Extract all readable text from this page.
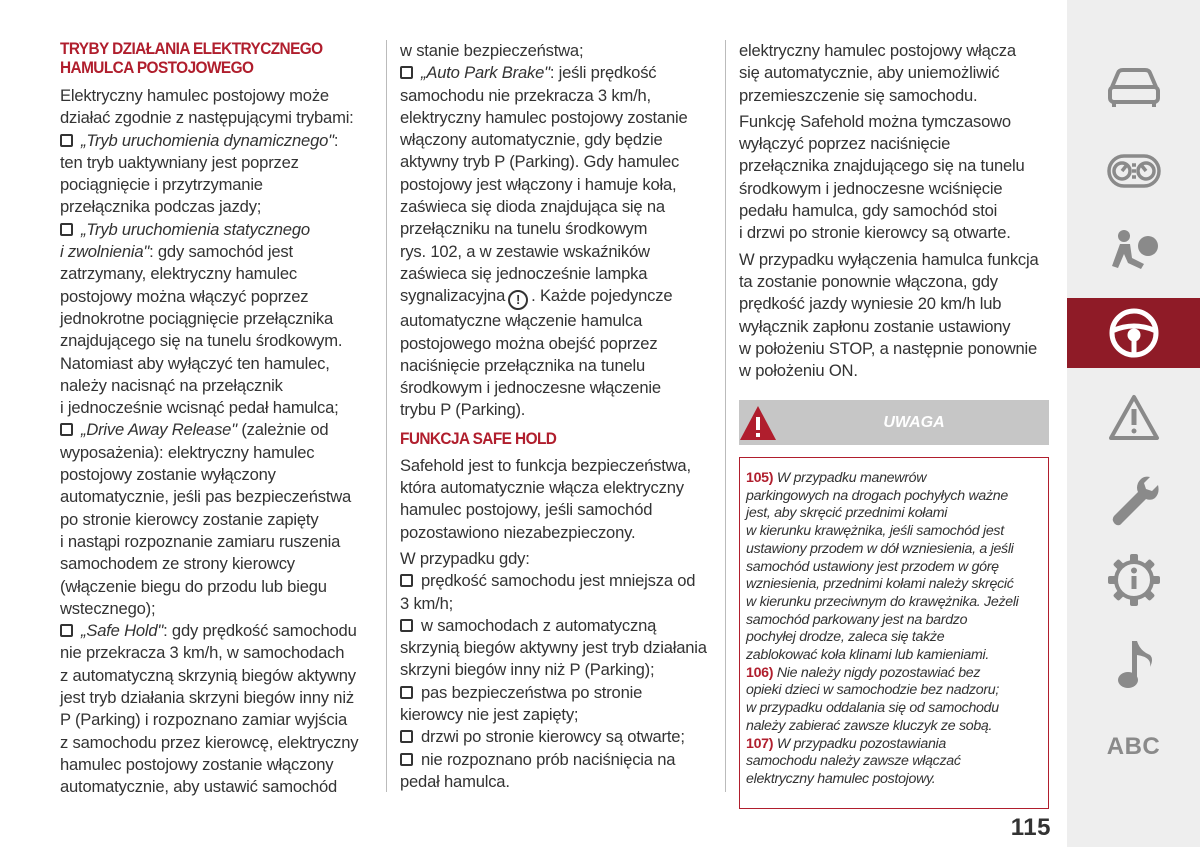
TRYBY DZIAŁANIA ELEKTRYCZNEGO
HAMULCA POSTOJOWEGO
Elektryczny hamulec postojowy może
działać zgodnie z następującymi trybami:
„Tryb uruchomienia dynamicznego":
ten tryb uaktywniany jest poprzez
pociągnięcie i przytrzymanie
przełącznika podczas jazdy;
„Tryb uruchomienia statycznego
i zwolnienia": gdy samochód jest
zatrzymany, elektryczny hamulec
postojowy można włączyć poprzez
jednokrotne pociągnięcie przełącznika
znajdującego się na tunelu środkowym.
Natomiast aby wyłączyć ten hamulec,
należy nacisnąć na przełącznik
i jednocześnie wcisnąć pedał hamulca;
„Drive Away Release" (zależnie od
wyposażenia): elektryczny hamulec
postojowy zostanie wyłączony
automatycznie, jeśli pas bezpieczeństwa
po stronie kierowcy zostanie zapięty
i nastąpi rozpoznanie zamiaru ruszenia
samochodem ze strony kierowcy
(włączenie biegu do przodu lub biegu
wstecznego);
„Safe Hold": gdy prędkość samochodu
nie przekracza 3 km/h, w samochodach
z automatyczną skrzynią biegów aktywny
jest tryb działania skrzyni biegów inny niż
P (Parking) i rozpoznano zamiar wyjścia
z samochodu przez kierowcę, elektryczny
hamulec postojowy zostanie włączony
automatycznie, aby ustawić samochód
w stanie bezpieczeństwa;
„Auto Park Brake": jeśli prędkość
samochodu nie przekracza 3 km/h,
elektryczny hamulec postojowy zostanie
włączony automatycznie, gdy będzie
aktywny tryb P (Parking). Gdy hamulec
postojowy jest włączony i hamuje koła,
zaświeca się dioda znajdująca się na
przełączniku na tunelu środkowym
rys. 102, a w zestawie wskaźników
zaświeca się jednocześnie lampka
sygnalizacyjna ! . Każde pojedyncze
automatyczne włączenie hamulca
postojowego można obejść poprzez
naciśnięcie przełącznika na tunelu
środkowym i jednoczesne włączenie
trybu P (Parking).
FUNKCJA SAFE HOLD
Safehold jest to funkcja bezpieczeństwa,
która automatycznie włącza elektryczny
hamulec postojowy, jeśli samochód
pozostawiono niezabezpieczony.
W przypadku gdy:
prędkość samochodu jest mniejsza od
3 km/h;
w samochodach z automatyczną
skrzynią biegów aktywny jest tryb działania
skrzyni biegów inny niż P (Parking);
pas bezpieczeństwa po stronie
kierowcy nie jest zapięty;
drzwi po stronie kierowcy są otwarte;
nie rozpoznano prób naciśnięcia na
pedał hamulca.
elektryczny hamulec postojowy włącza
się automatycznie, aby uniemożliwić
przemieszczenie się samochodu.
Funkcję Safehold można tymczasowo
wyłączyć poprzez naciśnięcie
przełącznika znajdującego się na tunelu
środkowym i jednoczesne wciśnięcie
pedału hamulca, gdy samochód stoi
i drzwi po stronie kierowcy są otwarte.
W przypadku wyłączenia hamulca funkcja
ta zostanie ponownie włączona, gdy
prędkość jazdy wyniesie 20 km/h lub
wyłącznik zapłonu zostanie ustawiony
w położeniu STOP, a następnie ponownie
w położeniu ON.
UWAGA
105) W przypadku manewrów
parkingowych na drogach pochyłych ważne
jest, aby skręcić przednimi kołami
w kierunku krawężnika, jeśli samochód jest
ustawiony przodem w dół wzniesienia, a jeśli
samochód ustawiony jest przodem w górę
wzniesienia, przednimi kołami należy skręcić
w kierunku przeciwnym do krawężnika. Jeżeli
samochód parkowany jest na bardzo
pochyłej drodze, zaleca się także
zablokować koła klinami lub kamieniami.
106) Nie należy nigdy pozostawiać bez
opieki dzieci w samochodzie bez nadzoru;
w przypadku oddalania się od samochodu
należy zabierać zawsze kluczyk ze sobą.
107) W przypadku pozostawiania
samochodu należy zawsze włączać
elektryczny hamulec postojowy.
115
ABC
